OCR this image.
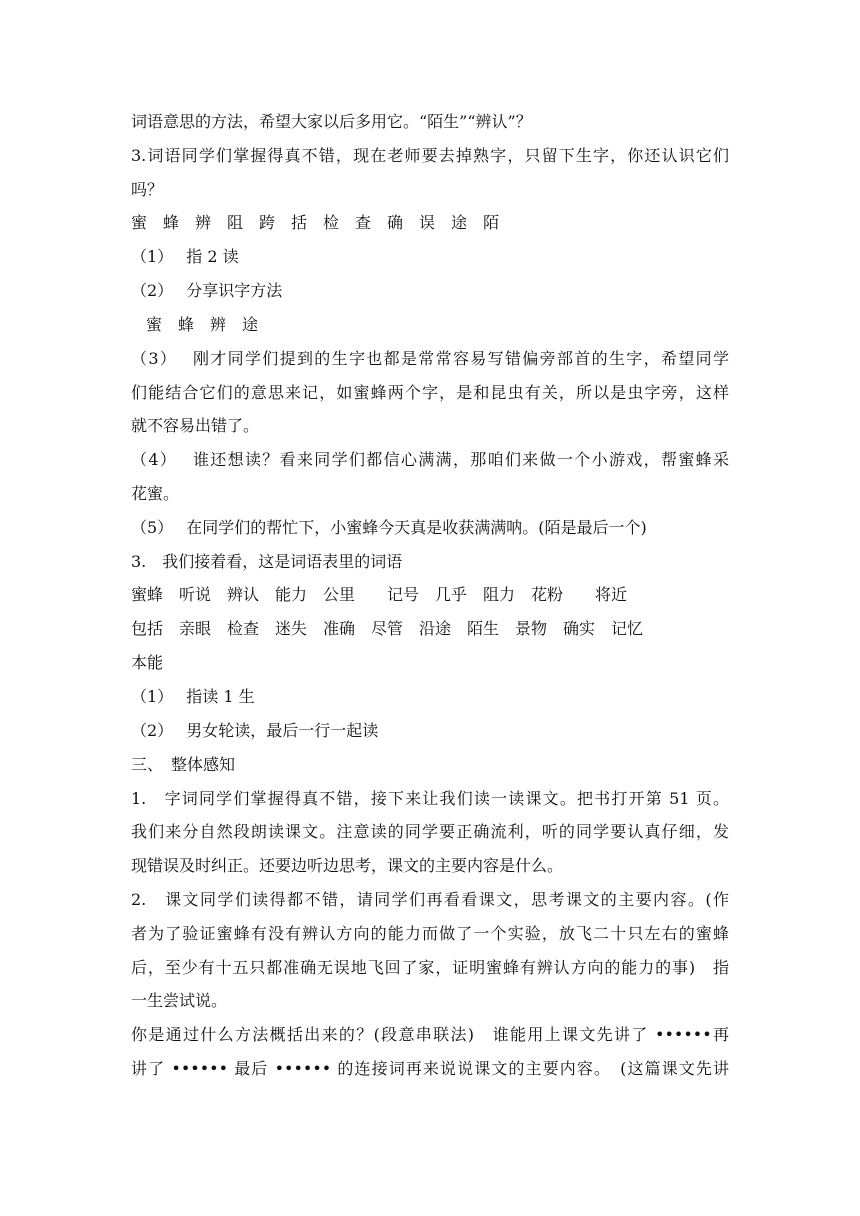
词语意思的方法，希望大家以后多用它。“陌生”“辨认”？
3.词语同学们掌握得真不错，现在老师要去掉熟字，只留下生字，你还认识它们
吗？
蜜　蜂　辨　阻　跨　括　检　查　确　误　途　陌
（1）　 指 2 读
（2）　 分享识字方法
蜜　蜂　辨　途
（3）　 刚才同学们提到的生字也都是常常容易写错偏旁部首的生字，希望同学
们能结合它们的意思来记，如蜜蜂两个字，是和昆虫有关，所以是虫字旁，这样
就不容易出错了。
（4）　 谁还想读？看来同学们都信心满满，那咱们来做一个小游戏，帮蜜蜂采
花蜜。
（5）　 在同学们的帮忙下，小蜜蜂今天真是收获满满呐。(陌是最后一个)
3.　我们接着看，这是词语表里的词语
蜜蜂　听说　辨认　能力　公里　　记号　几乎　阻力　花粉　　将近
包括　亲眼　检查　迷失　准确　尽管　沿途　陌生　景物　确实　记忆
本能
（1）　 指读 1 生
（2）　 男女轮读，最后一行一起读
三、　整体感知
1.　字词同学们掌握得真不错，接下来让我们读一读课文。把书打开第 51 页。
我们来分自然段朗读课文。注意读的同学要正确流利，听的同学要认真仔细，发
现错误及时纠正。还要边听边思考，课文的主要内容是什么。
2.　课文同学们读得都不错，请同学们再看看课文，思考课文的主要内容。(作
者为了验证蜜蜂有没有辨认方向的能力而做了一个实验，放飞二十只左右的蜜蜂
后，至少有十五只都准确无误地飞回了家，证明蜜蜂有辨认方向的能力的事)　指
一生尝试说。
你是通过什么方法概括出来的？(段意串联法)　谁能用上课文先讲了 ••••••再
讲了 •••••• 最后 •••••• 的连接词再来说说课文的主要内容。　(这篇课文先讲
